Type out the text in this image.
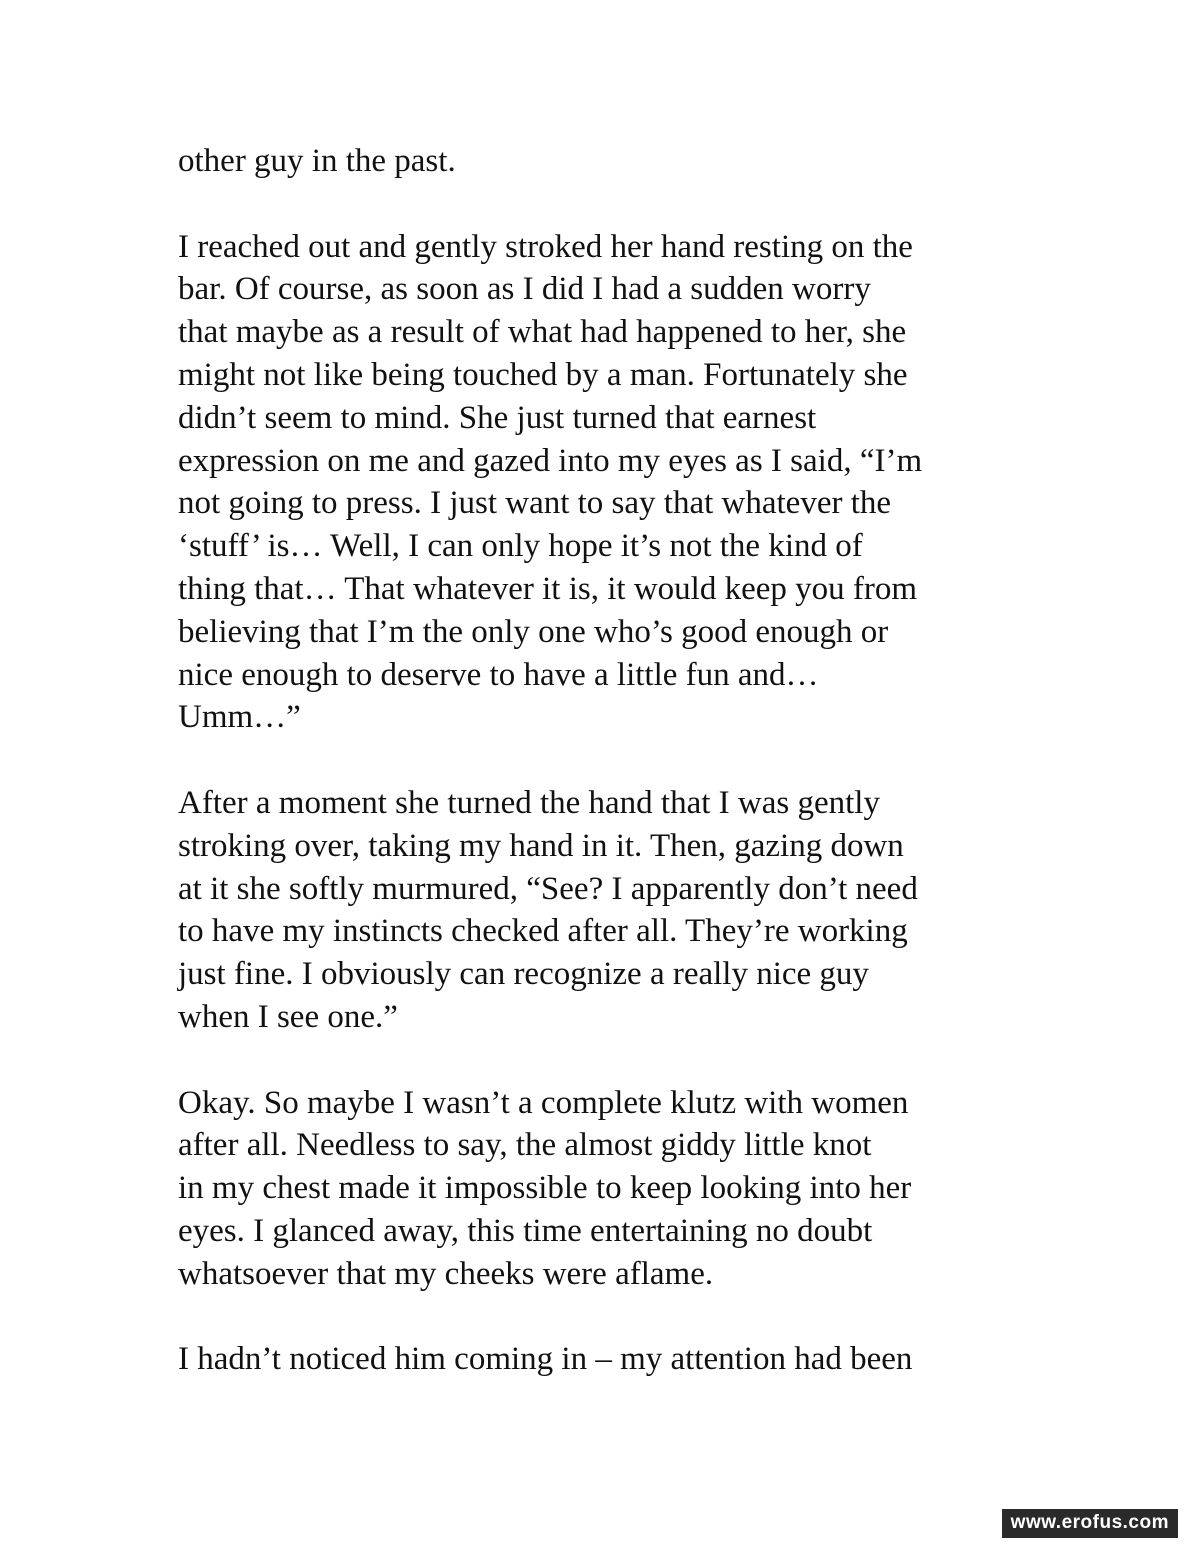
other guy in the past.

I reached out and gently stroked her hand resting on the
bar. Of course, as soon as I did I had a sudden worry
that maybe as a result of what had happened to her, she
might not like being touched by a man. Fortunately she
didn’t seem to mind. She just turned that earnest
expression on me and gazed into my eyes as I said, “I’m
not going to press. I just want to say that whatever the
‘stuff’ is… Well, I can only hope it’s not the kind of
thing that… That whatever it is, it would keep you from
believing that I’m the only one who’s good enough or
nice enough to deserve to have a little fun and…
Umm…”

After a moment she turned the hand that I was gently
stroking over, taking my hand in it. Then, gazing down
at it she softly murmured, “See? I apparently don’t need
to have my instincts checked after all. They’re working
just fine. I obviously can recognize a really nice guy
when I see one.”

Okay. So maybe I wasn’t a complete klutz with women
after all. Needless to say, the almost giddy little knot
in my chest made it impossible to keep looking into her
eyes. I glanced away, this time entertaining no doubt
whatsoever that my cheeks were aflame.

I hadn’t noticed him coming in – my attention had been

www.erofus.com
